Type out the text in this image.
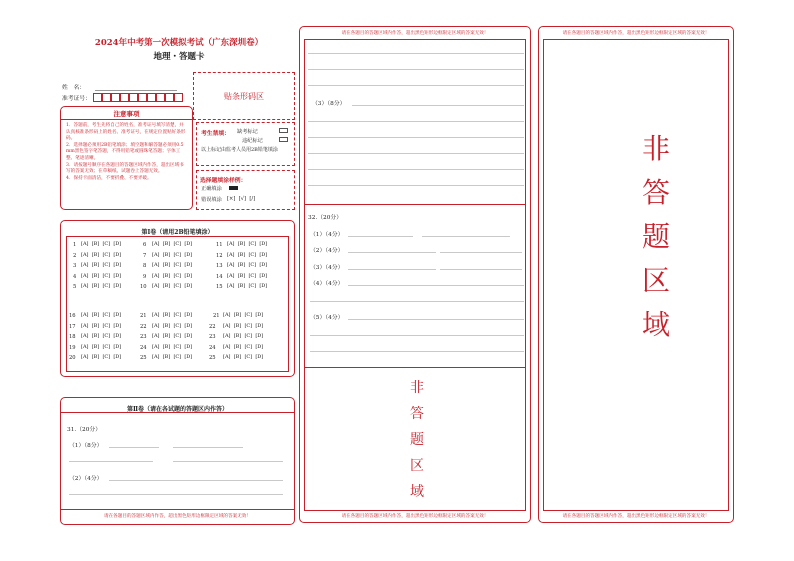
2024年中考第一次模拟考试（广东深圳卷）
地理・答题卡
姓　名：
准考证号：	贴条形码区
注意事项
1．答题前，考生先将自己的姓名，准考证号填写清楚，并认真核准条形码上的姓名、准考证号，在规定位置贴好条形码。
2．选择题必须用2B铅笔填涂；填空题和解答题必须用0.5 mm黑色签字笔答题，不得用铅笔或圆珠笔答题；字体工整、笔迹清晰。
3．请按题号顺序在各题目的答题区域内作答，超出区域书写的答案无效；在草稿纸、试题卷上答题无效。
4．保持卡面清洁，不要折叠、不要弄破。
考生禁填： 缺考标记
违纪标记
以上标记由监考人员用2B铅笔填涂
选择题填涂样例：
正确填涂
错误填涂 [×]  [√]  [/]
第Ⅰ卷（请用2B铅笔填涂）
1
2
3
4
5
6
7
8
9
10
11
12
13
14
15
16
17
18
19
20
21
22
23
24
25
21
22
23
24
25
[A]  [B]  [C]  [D]
[A]  [B]  [C]  [D]
[A]  [B]  [C]  [D]
[A]  [B]  [C]  [D]
[A]  [B]  [C]  [D]
[A]  [B]  [C]  [D]
[A]  [B]  [C]  [D]
[A]  [B]  [C]  [D]
[A]  [B]  [C]  [D]
[A]  [B]  [C]  [D]
[A]  [B]  [C]  [D]
[A]  [B]  [C]  [D]
[A]  [B]  [C]  [D]
[A]  [B]  [C]  [D]
[A]  [B]  [C]  [D]
[A]  [B]  [C]  [D]
[A]  [B]  [C]  [D]
[A]  [B]  [C]  [D]
[A]  [B]  [C]  [D]
[A]  [B]  [C]  [D]
[A]  [B]  [C]  [D]
[A]  [B]  [C]  [D]
[A]  [B]  [C]  [D]
[A]  [B]  [C]  [D]
[A]  [B]  [C]  [D]
[A]  [B]  [C]  [D]
[A]  [B]  [C]  [D]
[A]  [B]  [C]  [D]
[A]  [B]  [C]  [D]
[A]  [B]  [C]  [D]
第Ⅱ卷（请在各试题的答题区内作答）
31.（20分）
（1）（8分）
（2）（4分）
请在各题目的答题区域内作答，超出黑色矩形边框限定区域的答案无效！
请在各题目的答题区域内作答，超出黑色矩形边框限定区域的答案无效！
（3）（8分）
32.（20分）
（1）（4分）
（2）（4分）
（3）（4分）
（4）（4分）
（5）（4分）
非
答
题
区
域
请在各题目的答题区域内作答，超出黑色矩形边框限定区域的答案无效！
请在各题目的答题区域内作答，超出黑色矩形边框限定区域的答案无效！
非
答
题
区
域
请在各题目的答题区域内作答，超出黑色矩形边框限定区域的答案无效！
